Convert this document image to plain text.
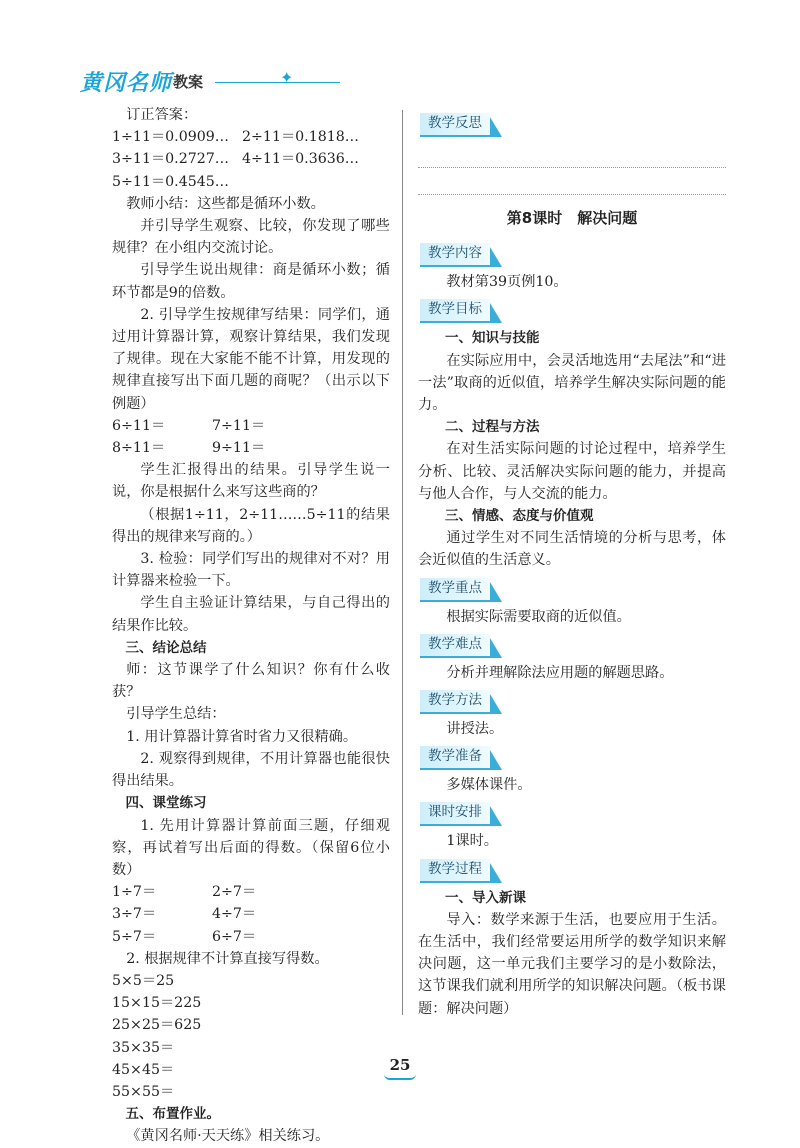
黄冈名师 教案	✦

订正答案：

1÷11＝0.0909… 2÷11＝0.1818…
3÷11＝0.2727… 4÷11＝0.3636…
5÷11＝0.4545…

教师小结：这些都是循环小数。

并引导学生观察、比较，你发现了哪些规律？在小组内交流讨论。

引导学生说出规律：商是循环小数；循环节都是9的倍数。

2. 引导学生按规律写结果：同学们，通过用计算器计算，观察计算结果，我们发现了规律。现在大家能不能不计算，用发现的规律直接写出下面几题的商呢？（出示以下例题）

6÷11＝	7÷11＝
8÷11＝	9÷11＝

学生汇报得出的结果。引导学生说一说，你是根据什么来写这些商的？

（根据1÷11，2÷11……5÷11的结果得出的规律来写商的。）

3. 检验：同学们写出的规律对不对？用计算器来检验一下。

学生自主验证计算结果，与自己得出的结果作比较。

三、结论总结

师：这节课学了什么知识？你有什么收获？

引导学生总结：

1. 用计算器计算省时省力又很精确。

2. 观察得到规律，不用计算器也能很快得出结果。

四、课堂练习

1. 先用计算器计算前面三题，仔细观察，再试着写出后面的得数。（保留6位小数）

1÷7＝	2÷7＝
3÷7＝	4÷7＝
5÷7＝	6÷7＝

2. 根据规律不计算直接写得数。

5×5＝25

15×15＝225

25×25＝625

35×35＝

45×45＝

55×55＝

五、布置作业。

《黄冈名师·天天练》相关练习。

教学反思

第8课时　解决问题

教学内容

教材第39页例10。

教学目标

一、知识与技能

在实际应用中，会灵活地选用“去尾法”和“进一法”取商的近似值，培养学生解决实际问题的能力。

二、过程与方法

在对生活实际问题的讨论过程中，培养学生分析、比较、灵活解决实际问题的能力，并提高与他人合作，与人交流的能力。

三、情感、态度与价值观

通过学生对不同生活情境的分析与思考，体会近似值的生活意义。

教学重点

根据实际需要取商的近似值。

教学难点

分析并理解除法应用题的解题思路。

教学方法

讲授法。

教学准备

多媒体课件。

课时安排

1课时。

教学过程

一、导入新课

导入：数学来源于生活，也要应用于生活。在生活中，我们经常要运用所学的数学知识来解决问题，这一单元我们主要学习的是小数除法，这节课我们就利用所学的知识解决问题。（板书课题：解决问题）

25
